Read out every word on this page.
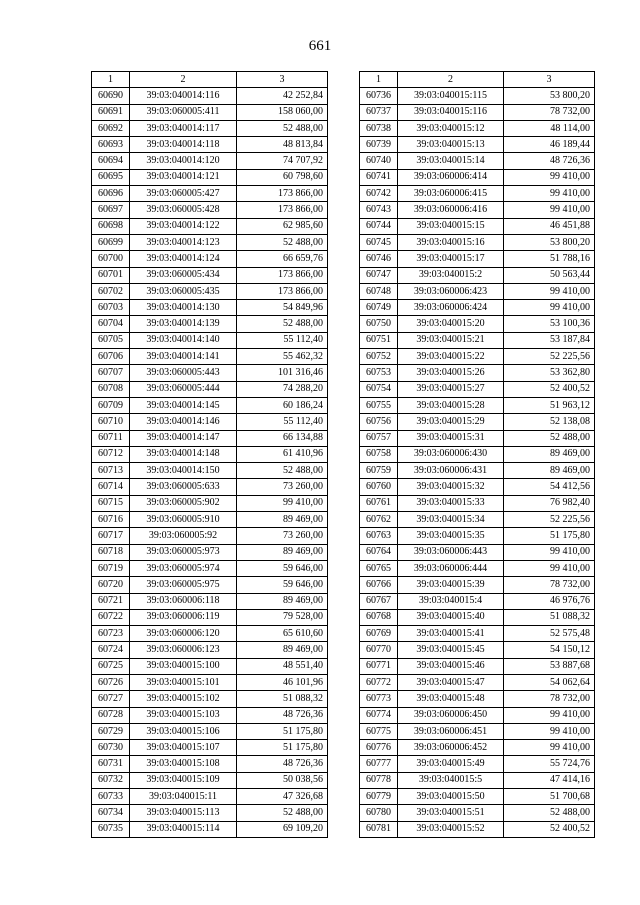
661
1	2	3
60690	39:03:040014:116	42 252,84
60691	39:03:060005:411	158 060,00
60692	39:03:040014:117	52 488,00
60693	39:03:040014:118	48 813,84
60694	39:03:040014:120	74 707,92
60695	39:03:040014:121	60 798,60
60696	39:03:060005:427	173 866,00
60697	39:03:060005:428	173 866,00
60698	39:03:040014:122	62 985,60
60699	39:03:040014:123	52 488,00
60700	39:03:040014:124	66 659,76
60701	39:03:060005:434	173 866,00
60702	39:03:060005:435	173 866,00
60703	39:03:040014:130	54 849,96
60704	39:03:040014:139	52 488,00
60705	39:03:040014:140	55 112,40
60706	39:03:040014:141	55 462,32
60707	39:03:060005:443	101 316,46
60708	39:03:060005:444	74 288,20
60709	39:03:040014:145	60 186,24
60710	39:03:040014:146	55 112,40
60711	39:03:040014:147	66 134,88
60712	39:03:040014:148	61 410,96
60713	39:03:040014:150	52 488,00
60714	39:03:060005:633	73 260,00
60715	39:03:060005:902	99 410,00
60716	39:03:060005:910	89 469,00
60717	39:03:060005:92	73 260,00
60718	39:03:060005:973	89 469,00
60719	39:03:060005:974	59 646,00
60720	39:03:060005:975	59 646,00
60721	39:03:060006:118	89 469,00
60722	39:03:060006:119	79 528,00
60723	39:03:060006:120	65 610,60
60724	39:03:060006:123	89 469,00
60725	39:03:040015:100	48 551,40
60726	39:03:040015:101	46 101,96
60727	39:03:040015:102	51 088,32
60728	39:03:040015:103	48 726,36
60729	39:03:040015:106	51 175,80
60730	39:03:040015:107	51 175,80
60731	39:03:040015:108	48 726,36
60732	39:03:040015:109	50 038,56
60733	39:03:040015:11	47 326,68
60734	39:03:040015:113	52 488,00
60735	39:03:040015:114	69 109,20
1	2	3
60736	39:03:040015:115	53 800,20
60737	39:03:040015:116	78 732,00
60738	39:03:040015:12	48 114,00
60739	39:03:040015:13	46 189,44
60740	39:03:040015:14	48 726,36
60741	39:03:060006:414	99 410,00
60742	39:03:060006:415	99 410,00
60743	39:03:060006:416	99 410,00
60744	39:03:040015:15	46 451,88
60745	39:03:040015:16	53 800,20
60746	39:03:040015:17	51 788,16
60747	39:03:040015:2	50 563,44
60748	39:03:060006:423	99 410,00
60749	39:03:060006:424	99 410,00
60750	39:03:040015:20	53 100,36
60751	39:03:040015:21	53 187,84
60752	39:03:040015:22	52 225,56
60753	39:03:040015:26	53 362,80
60754	39:03:040015:27	52 400,52
60755	39:03:040015:28	51 963,12
60756	39:03:040015:29	52 138,08
60757	39:03:040015:31	52 488,00
60758	39:03:060006:430	89 469,00
60759	39:03:060006:431	89 469,00
60760	39:03:040015:32	54 412,56
60761	39:03:040015:33	76 982,40
60762	39:03:040015:34	52 225,56
60763	39:03:040015:35	51 175,80
60764	39:03:060006:443	99 410,00
60765	39:03:060006:444	99 410,00
60766	39:03:040015:39	78 732,00
60767	39:03:040015:4	46 976,76
60768	39:03:040015:40	51 088,32
60769	39:03:040015:41	52 575,48
60770	39:03:040015:45	54 150,12
60771	39:03:040015:46	53 887,68
60772	39:03:040015:47	54 062,64
60773	39:03:040015:48	78 732,00
60774	39:03:060006:450	99 410,00
60775	39:03:060006:451	99 410,00
60776	39:03:060006:452	99 410,00
60777	39:03:040015:49	55 724,76
60778	39:03:040015:5	47 414,16
60779	39:03:040015:50	51 700,68
60780	39:03:040015:51	52 488,00
60781	39:03:040015:52	52 400,52
